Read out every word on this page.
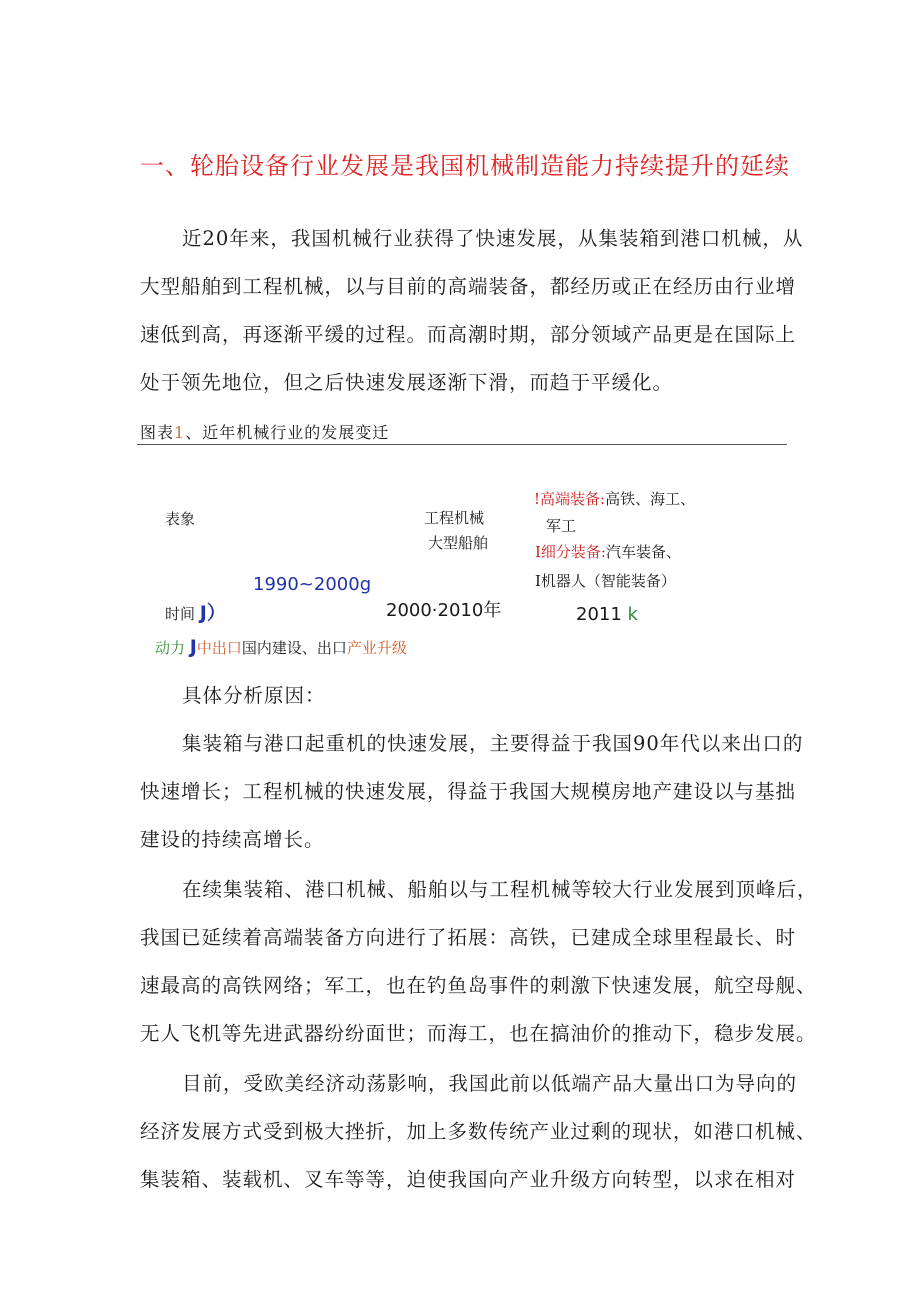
一、轮胎设备行业发展是我国机械制造能力持续提升的延续
近20年来，我国机械行业获得了快速发展，从集装箱到港口机械，从
大型船舶到工程机械，以与目前的高端装备，都经历或正在经历由行业增
速低到高，再逐渐平缓的过程。而高潮时期，部分领域产品更是在国际上
处于领先地位，但之后快速发展逐渐下滑，而趋于平缓化。
图表1、近年机械行业的发展变迁
表象	工程机械
大型船舶
!高端装备:高铁、海工、
军工
I细分装备:汽车装备、
I机器人（智能装备）
1990~2000g
2000·2010年	2011 k
时间 J）
动力 J中出口国内建设、出口产业升级
具体分析原因：
集装箱与港口起重机的快速发展，主要得益于我国90年代以来出口的
快速增长；工程机械的快速发展，得益于我国大规模房地产建设以与基拙
建设的持续高增长。
在续集装箱、港口机械、船舶以与工程机械等较大行业发展到顶峰后，
我国已延续着高端装备方向进行了拓展：高铁，已建成全球里程最长、时
速最高的高铁网络；军工，也在钓鱼岛事件的刺激下快速发展，航空母舰、
无人飞机等先进武器纷纷面世；而海工，也在搞油价的推动下，稳步发展。
目前，受欧美经济动荡影响，我国此前以低端产品大量出口为导向的
经济发展方式受到极大挫折，加上多数传统产业过剩的现状，如港口机械、
集装箱、装载机、叉车等等，迫使我国向产业升级方向转型，以求在相对
